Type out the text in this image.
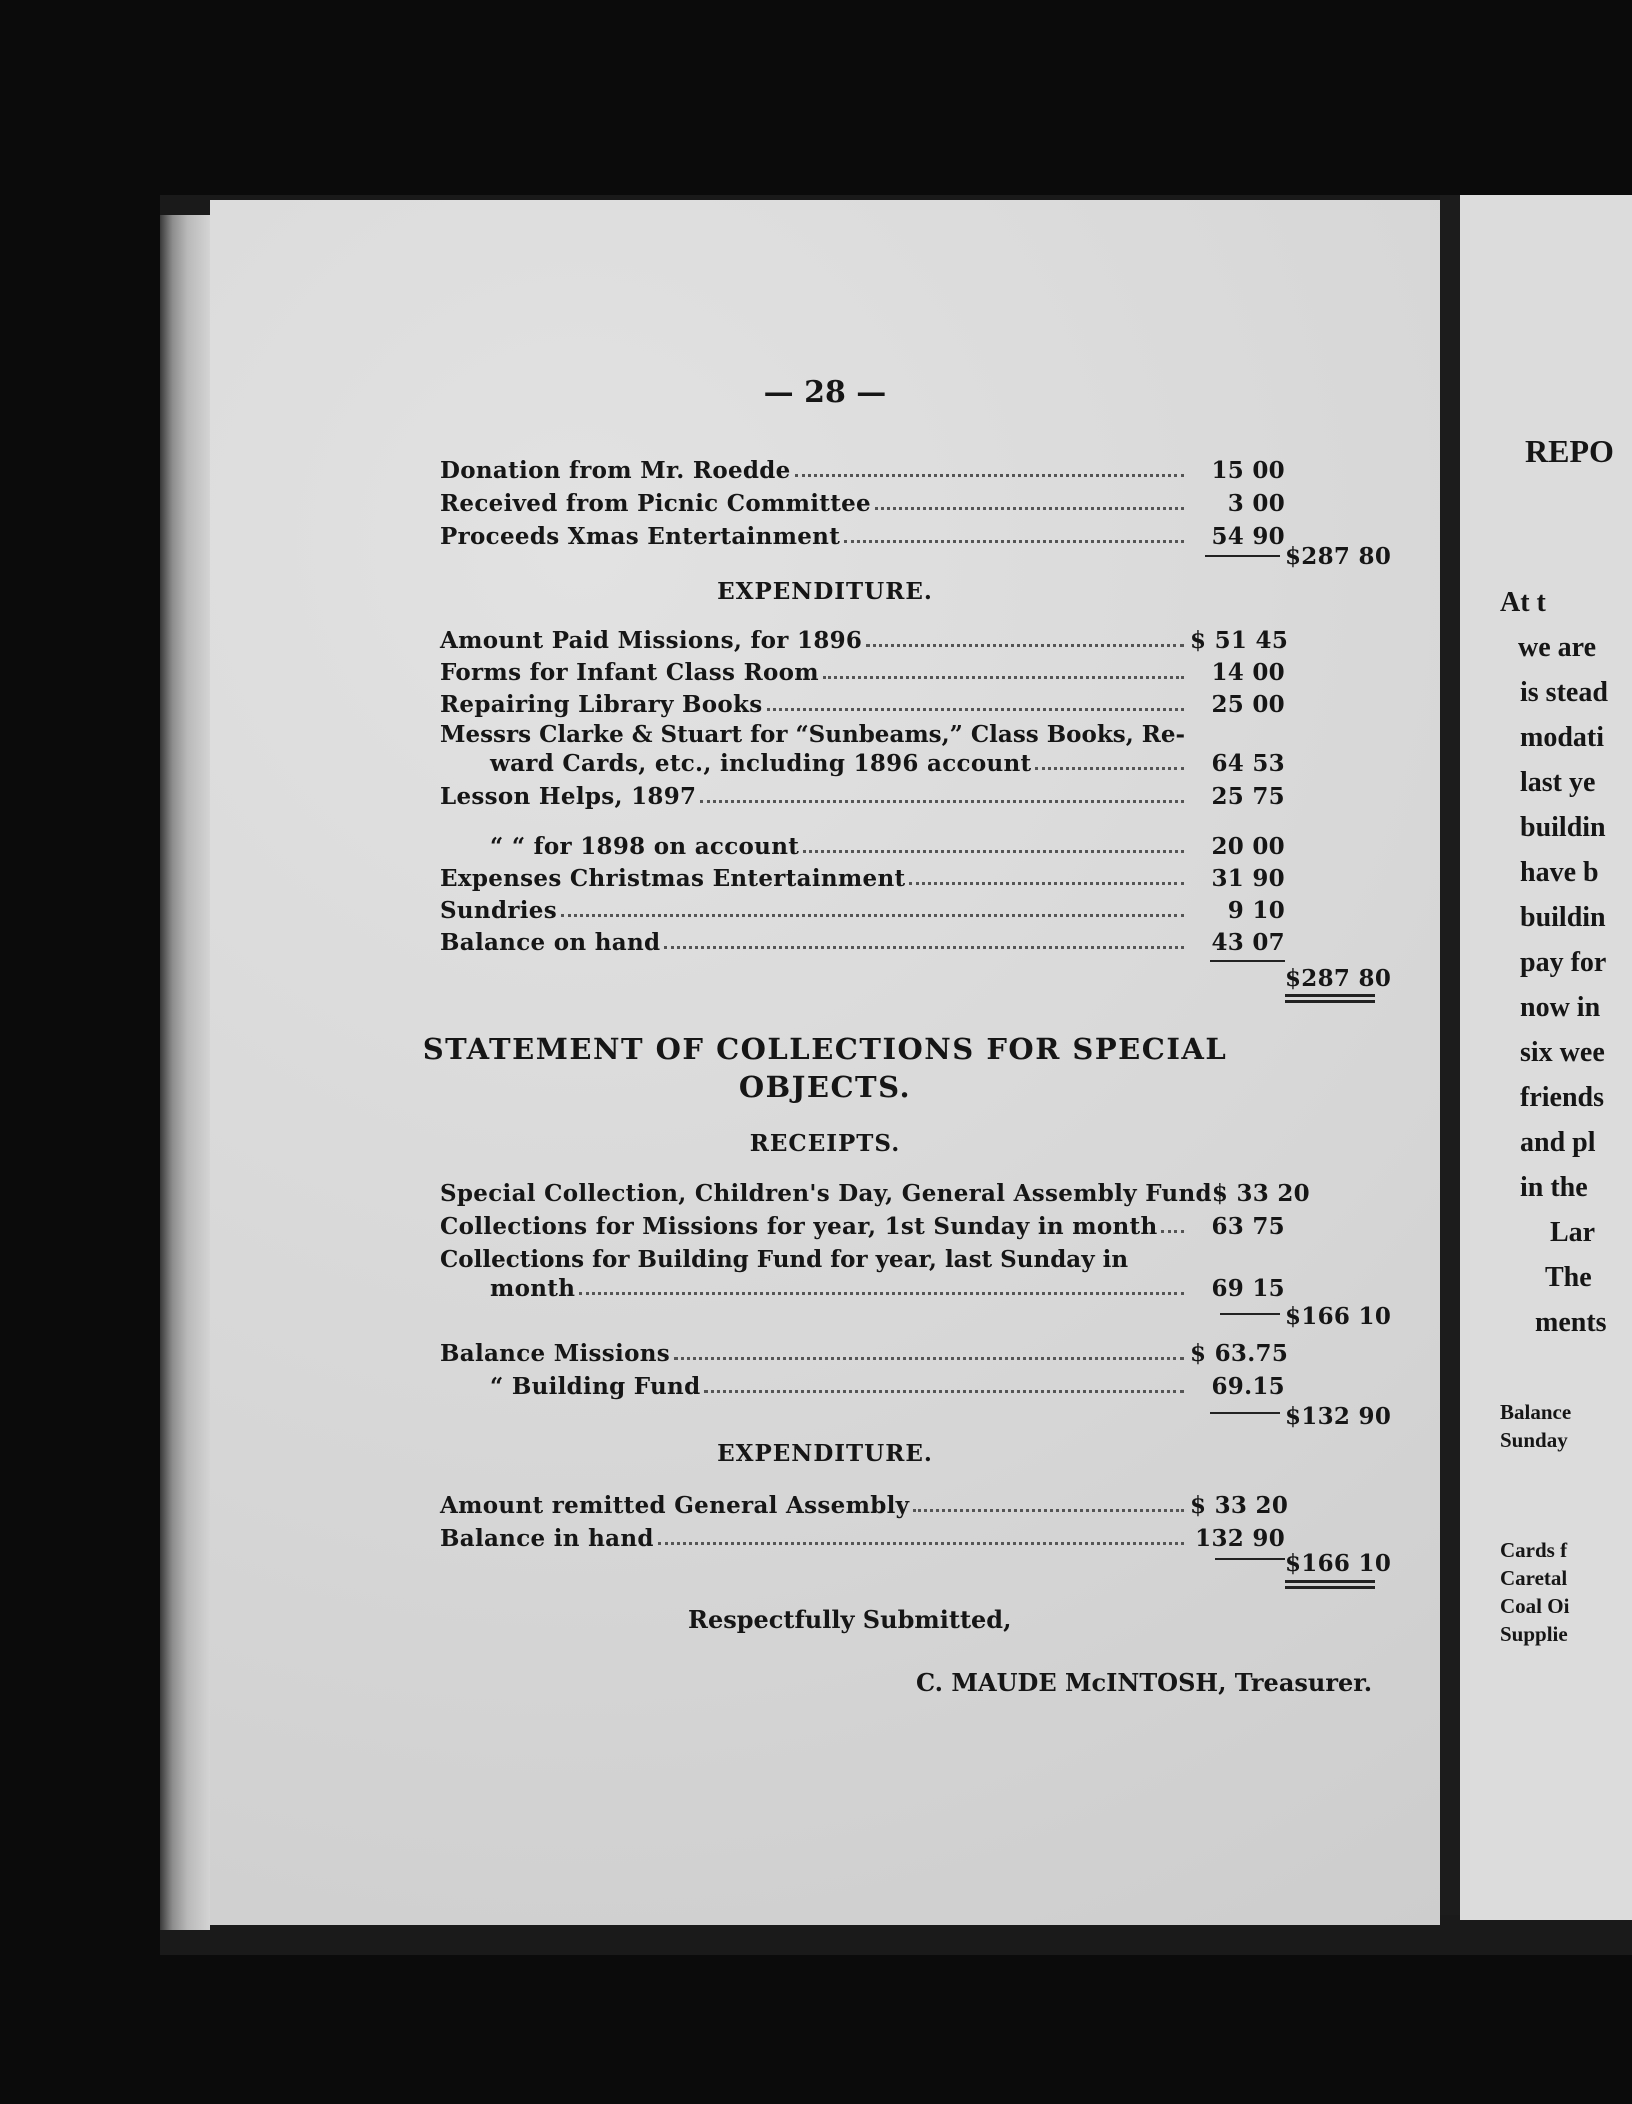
— 28 —
Donation from Mr. Roedde	15 00
Received from Picnic Committee	3 00
Proceeds Xmas Entertainment	54 90
$287 80
EXPENDITURE.
Amount Paid Missions, for 1896	$ 51 45
Forms for Infant Class Room	14 00
Repairing Library Books	25 00
Messrs Clarke & Stuart for “Sunbeams,” Class Books, Re-
ward Cards, etc., including 1896 account	64 53
Lesson Helps, 1897	25 75
“ “ for 1898 on account	20 00
Expenses Christmas Entertainment	31 90
Sundries	9 10
Balance on hand	43 07
$287 80
STATEMENT OF COLLECTIONS FOR SPECIAL
OBJECTS.
RECEIPTS.
Special Collection, Children's Day, General Assembly Fund $ 33 20
Collections for Missions for year, 1st Sunday in month	63 75
Collections for Building Fund for year, last Sunday in
month	69 15
$166 10
Balance Missions	$ 63.75
“ Building Fund	69.15
$132 90
EXPENDITURE.
Amount remitted General Assembly	$ 33 20
Balance in hand	132 90
$166 10
Respectfully Submitted,
C. MAUDE McINTOSH, Treasurer.
REPO
At t
we are
is stead
modati
last ye
buildin
have b
buildin
pay for
now in
six wee
friends
and pl
in the
Lar
The
ments
Balance
Sunday
Cards f
Caretal
Coal Oi
Supplie
